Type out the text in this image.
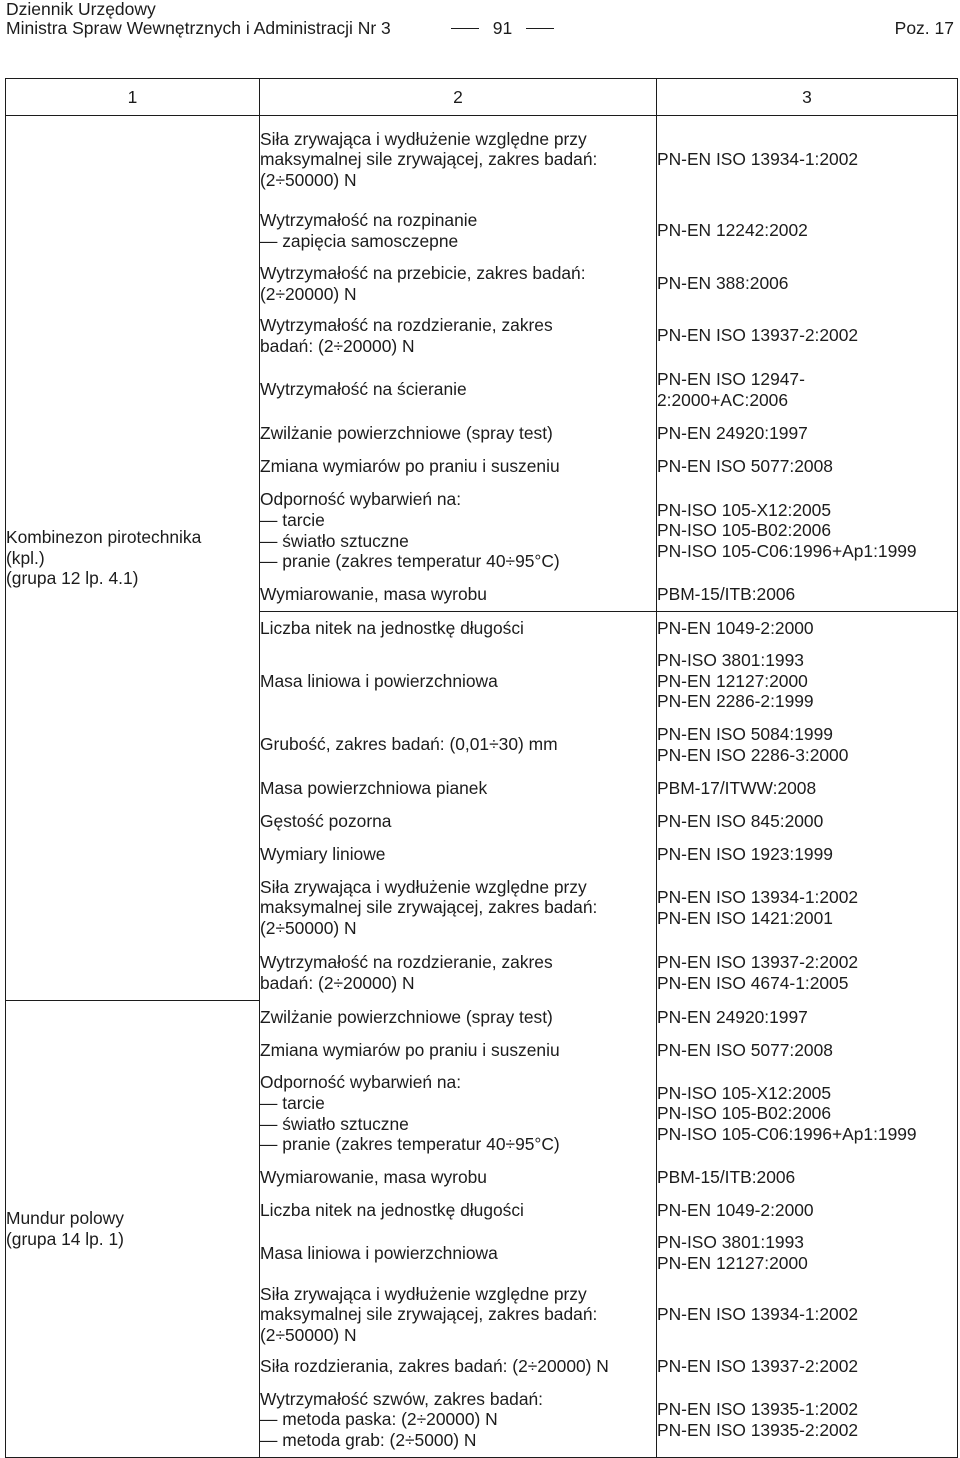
Dziennik Urzędowy
Ministra Spraw Wewnętrznych i Administracji Nr 3	91	Poz. 17
1	2	3

Kombinezon pirotechnika
(kpl.)
(grupa 12 lp. 4.1)	Siła zrywająca i wydłużenie względne przy
maksymalnej sile zrywającej, zakres badań:
(2÷50000) N	PN-EN ISO 13934-1:2002

	Wytrzymałość na rozpinanie
— zapięcia samosczepne	PN-EN 12242:2002

	Wytrzymałość na przebicie, zakres badań:
(2÷20000) N	PN-EN 388:2006

	Wytrzymałość na rozdzieranie, zakres
badań: (2÷20000) N	PN-EN ISO 13937-2:2002

	Wytrzymałość na ścieranie	PN-EN ISO 12947-
2:2000+AC:2006

	Zwilżanie powierzchniowe (spray test)	PN-EN 24920:1997

	Zmiana wymiarów po praniu i suszeniu	PN-EN ISO 5077:2008

	Odporność wybarwień na:
— tarcie
— światło sztuczne
— pranie (zakres temperatur 40÷95°C)	PN-ISO 105-X12:2005
PN-ISO 105-B02:2006
PN-ISO 105-C06:1996+Ap1:1999

	Wymiarowanie, masa wyrobu	PBM-15/ITB:2006

	Liczba nitek na jednostkę długości	PN-EN 1049-2:2000

	Masa liniowa i powierzchniowa	PN-ISO 3801:1993
PN-EN 12127:2000
PN-EN 2286-2:1999

	Grubość, zakres badań: (0,01÷30) mm	PN-EN ISO 5084:1999
PN-EN ISO 2286-3:2000

	Masa powierzchniowa pianek	PBM-17/ITWW:2008

	Gęstość pozorna	PN-EN ISO 845:2000

	Wymiary liniowe	PN-EN ISO 1923:1999

	Siła zrywająca i wydłużenie względne przy
maksymalnej sile zrywającej, zakres badań:
(2÷50000) N	PN-EN ISO 13934-1:2002
PN-EN ISO 1421:2001

	Wytrzymałość na rozdzieranie, zakres
badań: (2÷20000) N	PN-EN ISO 13937-2:2002
PN-EN ISO 4674-1:2005

Mundur polowy
(grupa 14 lp. 1)	Zwilżanie powierzchniowe (spray test)	PN-EN 24920:1997

	Zmiana wymiarów po praniu i suszeniu	PN-EN ISO 5077:2008

	Odporność wybarwień na:
— tarcie
— światło sztuczne
— pranie (zakres temperatur 40÷95°C)	PN-ISO 105-X12:2005
PN-ISO 105-B02:2006
PN-ISO 105-C06:1996+Ap1:1999

	Wymiarowanie, masa wyrobu	PBM-15/ITB:2006

	Liczba nitek na jednostkę długości	PN-EN 1049-2:2000

	Masa liniowa i powierzchniowa	PN-ISO 3801:1993
PN-EN 12127:2000

	Siła zrywająca i wydłużenie względne przy
maksymalnej sile zrywającej, zakres badań:
(2÷50000) N	PN-EN ISO 13934-1:2002

	Siła rozdzierania, zakres badań: (2÷20000) N	PN-EN ISO 13937-2:2002

	Wytrzymałość szwów, zakres badań:
— metoda paska: (2÷20000) N
— metoda grab: (2÷5000) N	PN-EN ISO 13935-1:2002
PN-EN ISO 13935-2:2002
